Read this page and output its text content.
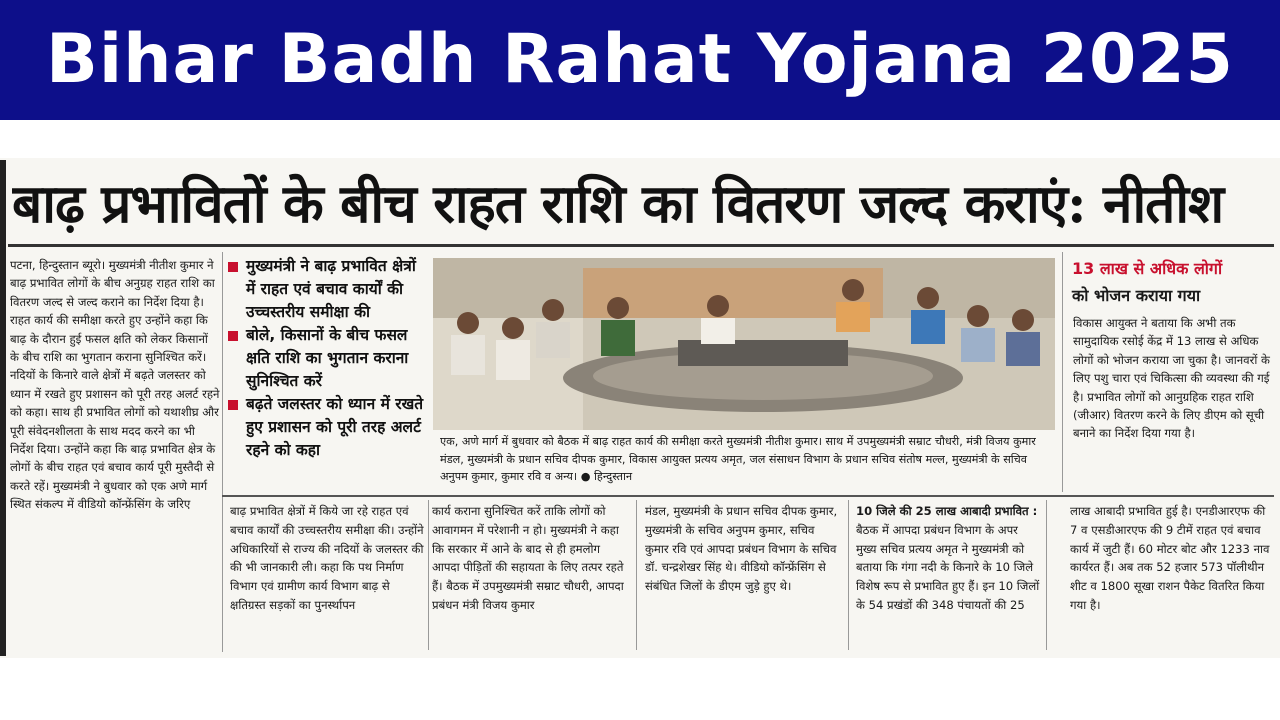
Bihar Badh Rahat Yojana 2025
बाढ़ प्रभावितों के बीच राहत राशि का वितरण जल्द कराएं: नीतीश
पटना, हिन्दुस्तान ब्यूरो। मुख्यमंत्री नीतीश कुमार ने बाढ़ प्रभावित लोगों के बीच अनुग्रह राहत राशि का वितरण जल्द से जल्द कराने का निर्देश दिया है। राहत कार्य की समीक्षा करते हुए उन्होंने कहा कि बाढ़ के दौरान हुई फसल क्षति को लेकर किसानों के बीच राशि का भुगतान कराना सुनिश्चित करें। नदियों के किनारे वाले क्षेत्रों में बढ़ते जलस्तर को ध्यान में रखते हुए प्रशासन को पूरी तरह अलर्ट रहने को कहा। साथ ही प्रभावित लोगों को यथाशीघ्र और पूरी संवेदनशीलता के साथ मदद करने का भी निर्देश दिया। उन्होंने कहा कि बाढ़ प्रभावित क्षेत्र के लोगों के बीच राहत एवं बचाव कार्य पूरी मुस्तैदी से करते रहें। मुख्यमंत्री ने बुधवार को एक अणे मार्ग स्थित संकल्प में वीडियो कॉन्फ्रेंसिंग के जरिए
मुख्यमंत्री ने बाढ़ प्रभावित क्षेत्रों में राहत एवं बचाव कार्यों की उच्चस्तरीय समीक्षा की
बोले, किसानों के बीच फसल क्षति राशि का भुगतान कराना सुनिश्चित करें
बढ़ते जलस्तर को ध्यान में रखते हुए प्रशासन को पूरी तरह अलर्ट रहने को कहा	एक, अणे मार्ग में बुधवार को बैठक में बाढ़ राहत कार्य की समीक्षा करते मुख्यमंत्री नीतीश कुमार। साथ में उपमुख्यमंत्री सम्राट चौधरी, मंत्री विजय कुमार मंडल, मुख्यमंत्री के प्रधान सचिव दीपक कुमार, विकास आयुक्त प्रत्यय अमृत, जल संसाधन विभाग के प्रधान सचिव संतोष मल्ल, मुख्यमंत्री के सचिव अनुपम कुमार, कुमार रवि व अन्य। ● हिन्दुस्तान
13 लाख से अधिक लोगों
को भोजन कराया गया
विकास आयुक्त ने बताया कि अभी तक सामुदायिक रसोई केंद्र में 13 लाख से अधिक लोगों को भोजन कराया जा चुका है। जानवरों के लिए पशु चारा एवं चिकित्सा की व्यवस्था की गई है। प्रभावित लोगों को आनुग्रहिक राहत राशि (जीआर) वितरण करने के लिए डीएम को सूची बनाने का निर्देश दिया गया है।
बाढ़ प्रभावित क्षेत्रों में किये जा रहे राहत एवं बचाव कार्यों की उच्चस्तरीय समीक्षा की। उन्होंने अधिकारियों से राज्य की नदियों के जलस्तर की की भी जानकारी ली। कहा कि पथ निर्माण विभाग एवं ग्रामीण कार्य विभाग बाढ़ से क्षतिग्रस्त सड़कों का पुनर्स्थापन
कार्य कराना सुनिश्चित करें ताकि लोगों को आवागमन में परेशानी न हो। मुख्यमंत्री ने कहा कि सरकार में आने के बाद से ही हमलोग आपदा पीड़ितों की सहायता के लिए तत्पर रहते हैं। बैठक में उपमुख्यमंत्री सम्राट चौधरी, आपदा प्रबंधन मंत्री विजय कुमार
मंडल, मुख्यमंत्री के प्रधान सचिव दीपक कुमार, मुख्यमंत्री के सचिव अनुपम कुमार, सचिव कुमार रवि एवं आपदा प्रबंधन विभाग के सचिव डॉ. चन्द्रशेखर सिंह थे। वीडियो कॉन्फ्रेंसिंग से संबंधित जिलों के डीएम जुड़े हुए थे।
10 जिले की 25 लाख आबादी प्रभावित : बैठक में आपदा प्रबंधन विभाग के अपर मुख्य सचिव प्रत्यय अमृत ने मुख्यमंत्री को बताया कि गंगा नदी के किनारे के 10 जिले विशेष रूप से प्रभावित हुए हैं। इन 10 जिलों के 54 प्रखंडों की 348 पंचायतों की 25
लाख आबादी प्रभावित हुई है। एनडीआरएफ की 7 व एसडीआरएफ की 9 टीमें राहत एवं बचाव कार्य में जुटी हैं। 60 मोटर बोट और 1233 नाव कार्यरत हैं। अब तक 52 हजार 573 पॉलीथीन शीट व 1800 सूखा राशन पैकेट वितरित किया गया है।
